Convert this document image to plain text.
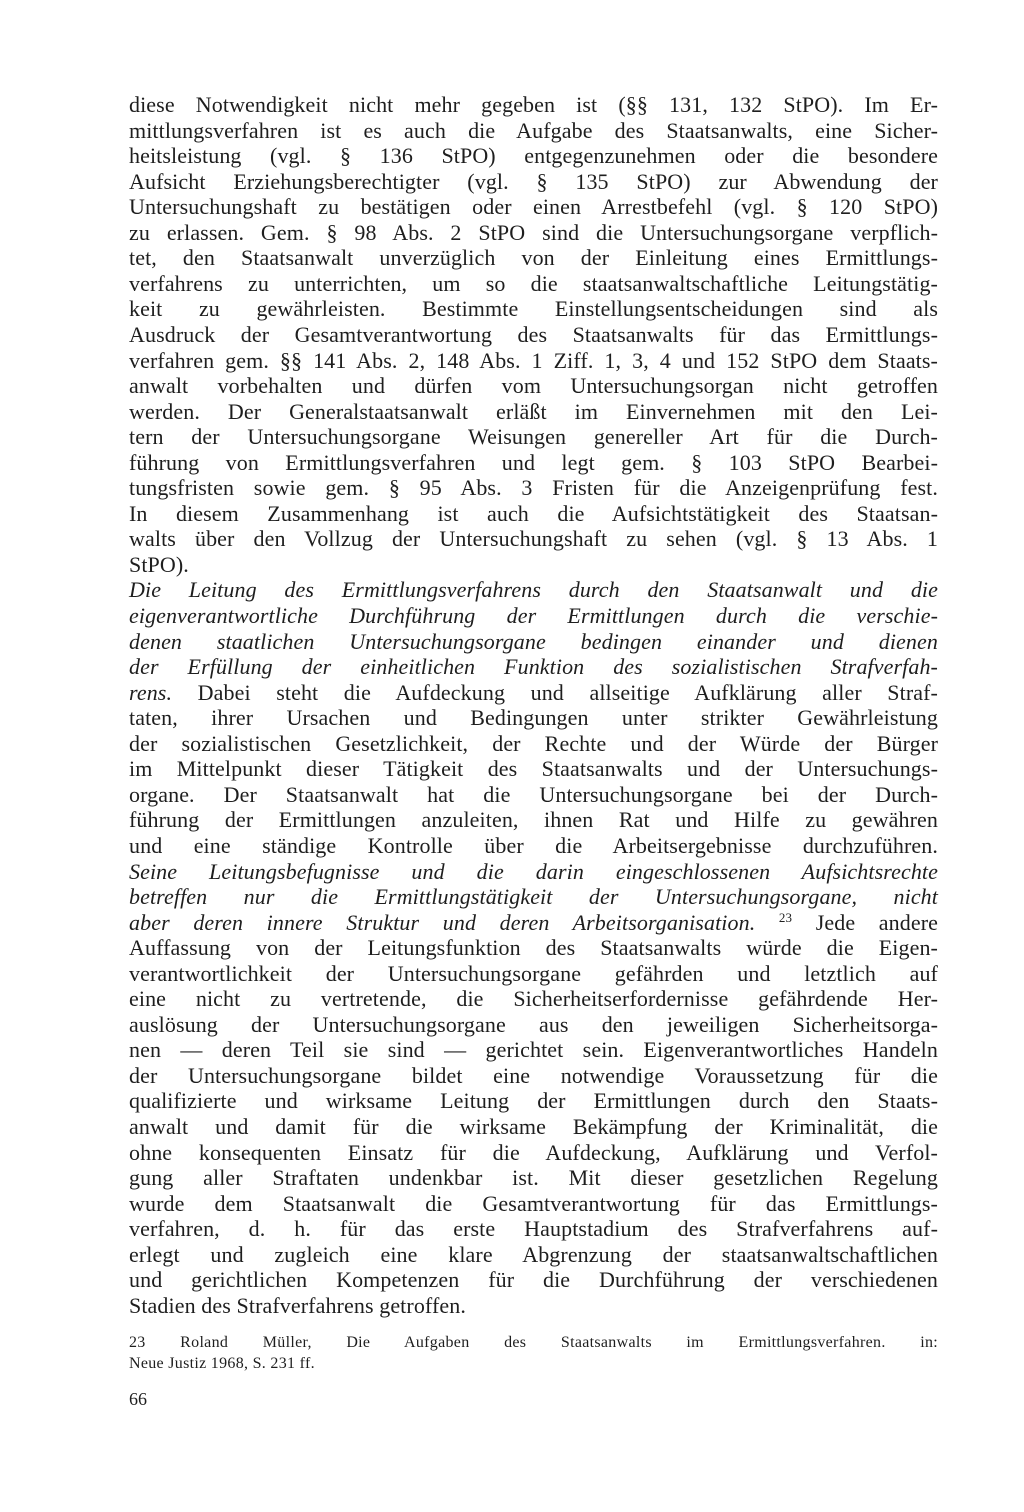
diese Notwendigkeit nicht mehr gegeben ist (§§ 131, 132 StPO). Im Er-
mittlungsverfahren ist es auch die Aufgabe des Staatsanwalts, eine Sicher-
heitsleistung (vgl. § 136 StPO) entgegenzunehmen oder die besondere
Aufsicht Erziehungsberechtigter (vgl. § 135 StPO) zur Abwendung der
Untersuchungshaft zu bestätigen oder einen Arrestbefehl (vgl. § 120 StPO)
zu erlassen. Gem. § 98 Abs. 2 StPO sind die Untersuchungsorgane verpflich-
tet, den Staatsanwalt unverzüglich von der Einleitung eines Ermittlungs-
verfahrens zu unterrichten, um so die staatsanwaltschaftliche Leitungstätig-
keit zu gewährleisten. Bestimmte Einstellungsentscheidungen sind als
Ausdruck der Gesamtverantwortung des Staatsanwalts für das Ermittlungs-
verfahren gem. §§ 141 Abs. 2, 148 Abs. 1 Ziff. 1, 3, 4 und 152 StPO dem Staats-
anwalt vorbehalten und dürfen vom Untersuchungsorgan nicht getroffen
werden. Der Generalstaatsanwalt erläßt im Einvernehmen mit den Lei-
tern der Untersuchungsorgane Weisungen genereller Art für die Durch-
führung von Ermittlungsverfahren und legt gem. § 103 StPO Bearbei-
tungsfristen sowie gem. § 95 Abs. 3 Fristen für die Anzeigenprüfung fest.
In diesem Zusammenhang ist auch die Aufsichtstätigkeit des Staatsan-
walts über den Vollzug der Untersuchungshaft zu sehen (vgl. § 13 Abs. 1
StPO).
Die Leitung des Ermittlungsverfahrens durch den Staatsanwalt und die
eigenverantwortliche Durchführung der Ermittlungen durch die verschie-
denen staatlichen Untersuchungsorgane bedingen einander und dienen
der Erfüllung der einheitlichen Funktion des sozialistischen Strafverfah-
rens. Dabei steht die Aufdeckung und allseitige Aufklärung aller Straf-
taten, ihrer Ursachen und Bedingungen unter strikter Gewährleistung
der sozialistischen Gesetzlichkeit, der Rechte und der Würde der Bürger
im Mittelpunkt dieser Tätigkeit des Staatsanwalts und der Untersuchungs-
organe. Der Staatsanwalt hat die Untersuchungsorgane bei der Durch-
führung der Ermittlungen anzuleiten, ihnen Rat und Hilfe zu gewähren
und eine ständige Kontrolle über die Arbeitsergebnisse durchzuführen.
Seine Leitungsbefugnisse und die darin eingeschlossenen Aufsichtsrechte
betreffen nur die Ermittlungstätigkeit der Untersuchungsorgane, nicht
aber deren innere Struktur und deren Arbeitsorganisation. $^{23}$ Jede andere
Auffassung von der Leitungsfunktion des Staatsanwalts würde die Eigen-
verantwortlichkeit der Untersuchungsorgane gefährden und letztlich auf
eine nicht zu vertretende, die Sicherheitserfordernisse gefährdende Her-
auslösung der Untersuchungsorgane aus den jeweiligen Sicherheitsorga-
nen — deren Teil sie sind — gerichtet sein. Eigenverantwortliches Handeln
der Untersuchungsorgane bildet eine notwendige Voraussetzung für die
qualifizierte und wirksame Leitung der Ermittlungen durch den Staats-
anwalt und damit für die wirksame Bekämpfung der Kriminalität, die
ohne konsequenten Einsatz für die Aufdeckung, Aufklärung und Verfol-
gung aller Straftaten undenkbar ist. Mit dieser gesetzlichen Regelung
wurde dem Staatsanwalt die Gesamtverantwortung für das Ermittlungs-
verfahren, d. h. für das erste Hauptstadium des Strafverfahrens auf-
erlegt und zugleich eine klare Abgrenzung der staatsanwaltschaftlichen
und gerichtlichen Kompetenzen für die Durchführung der verschiedenen
Stadien des Strafverfahrens getroffen.
23 Roland Müller, Die Aufgaben des Staatsanwalts im Ermittlungsverfahren. in:
Neue Justiz 1968, S. 231 ff.
66
